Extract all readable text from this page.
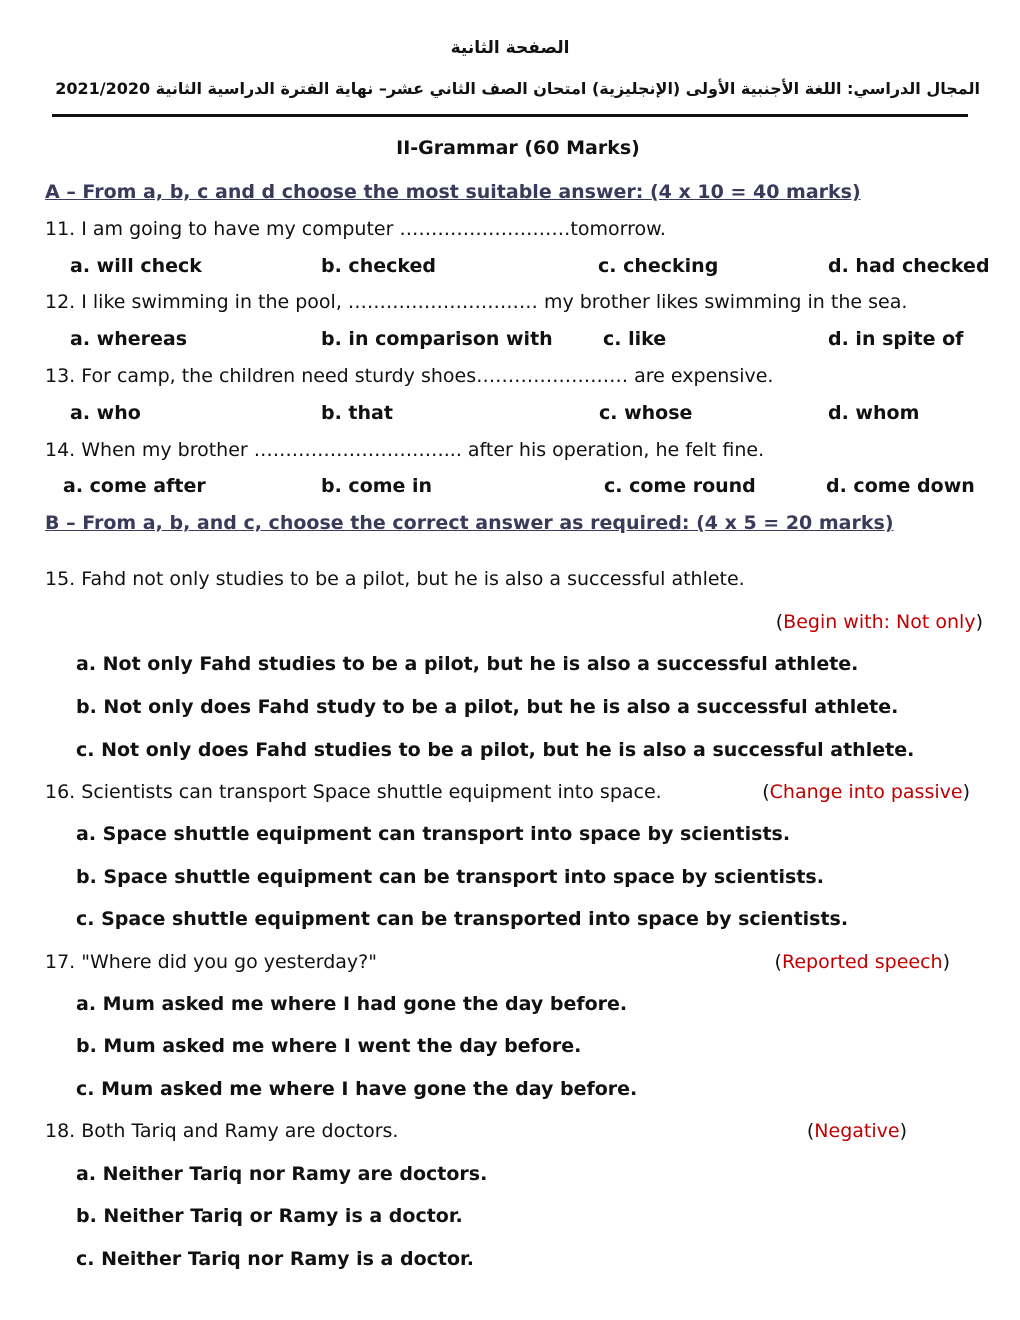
الصفحة الثانية
المجال الدراسي: اللغة الأجنبية الأولى (الإنجليزية) امتحان الصف الثاني عشر– نهاية الفترة الدراسية الثانية 2021/2020
II-Grammar (60 Marks)
A – From a, b, c and d choose the most suitable answer: (4 x 10 = 40 marks)
11. I am going to have my computer ………………………tomorrow.
a. will check	b. checked	c. checking	d. had checked
12. I like swimming in the pool, ………………………… my brother likes swimming in the sea.
a. whereas	b. in comparison with	c. like	d. in spite of
13. For camp, the children need sturdy shoes…………………… are expensive.
a. who	b. that	c. whose	d. whom
14. When my brother …………………………... after his operation, he felt ﬁne.
a. come after	b. come in	c. come round	d. come down
B – From a, b, and c, choose the correct answer as required: (4 x 5 = 20 marks)
15. Fahd not only studies to be a pilot, but he is also a successful athlete.
(Begin with: Not only)
a. Not only Fahd studies to be a pilot, but he is also a successful athlete.
b. Not only does Fahd study to be a pilot, but he is also a successful athlete.
c. Not only does Fahd studies to be a pilot, but he is also a successful athlete.
16. Scientists can transport Space shuttle equipment into space.	(Change into passive)
a. Space shuttle equipment can transport into space by scientists.
b. Space shuttle equipment can be transport into space by scientists.
c. Space shuttle equipment can be transported into space by scientists.
17. "Where did you go yesterday?"	(Reported speech)
a. Mum asked me where I had gone the day before.
b. Mum asked me where I went the day before.
c. Mum asked me where I have gone the day before.
18. Both Tariq and Ramy are doctors.	(Negative)
a. Neither Tariq nor Ramy are doctors.
b. Neither Tariq or Ramy is a doctor.
c. Neither Tariq nor Ramy is a doctor.
